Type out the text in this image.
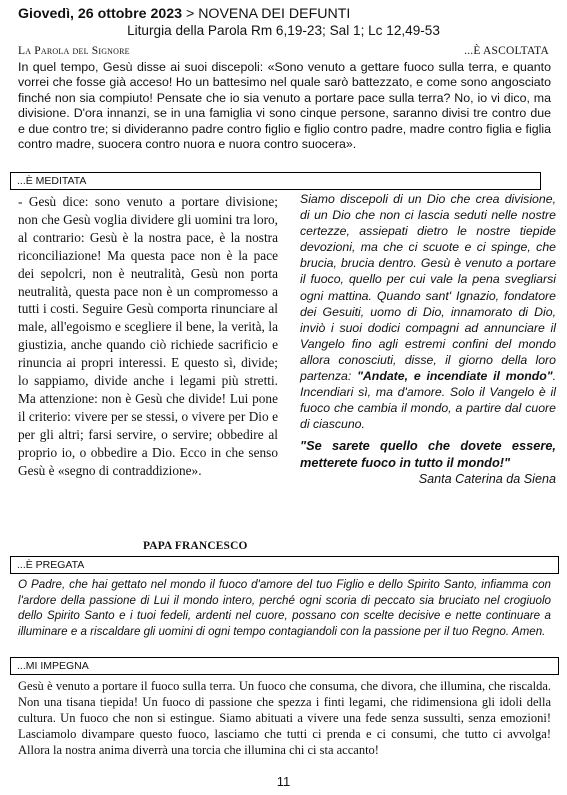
Giovedì, 26 ottobre 2023 > NOVENA DEI DEFUNTI
Liturgia della Parola Rm 6,19-23; Sal 1; Lc 12,49-53
La Parola del Signore	...È ASCOLTATA
In quel tempo, Gesù disse ai suoi discepoli: «Sono venuto a gettare fuoco sulla terra, e quanto vorrei che fosse già acceso! Ho un battesimo nel quale sarò battezzato, e come sono angosciato finché non sia compiuto! Pensate che io sia venuto a portare pace sulla terra? No, io vi dico, ma divisione. D'ora innanzi, se in una famiglia vi sono cinque persone, saranno divisi tre contro due e due contro tre; si divideranno padre contro figlio e figlio contro padre, madre contro figlia e figlia contro madre, suocera contro nuora e nuora contro suocera».
...È MEDITATA

- Gesù dice: sono venuto a portare divisione; non che Gesù voglia dividere gli uomini tra loro, al contrario: Gesù è la nostra pace, è la nostra riconciliazione! Ma questa pace non è la pace dei sepolcri, non è neutralità, Gesù non porta neutralità, questa pace non è un compromesso a tutti i costi. Seguire Gesù comporta rinunciare al male, all'egoismo e scegliere il bene, la verità, la giustizia, anche quando ciò richiede sacrificio e rinuncia ai propri interessi. E questo sì, divide; lo sappiamo, divide anche i legami più stretti. Ma attenzione: non è Gesù che divide! Lui pone il criterio: vivere per se stessi, o vivere per Dio e per gli altri; farsi servire, o servire; obbedire al proprio io, o obbedire a Dio. Ecco in che senso Gesù è «segno di contraddizione».

PAPA FRANCESCO

Siamo discepoli di un Dio che crea divisione, di un Dio che non ci lascia seduti nelle nostre certezze, assiepati dietro le nostre tiepide devozioni, ma che ci scuote e ci spinge, che brucia, brucia dentro. Gesù è venuto a portare il fuoco, quello per cui vale la pena svegliarsi ogni mattina. Quando sant' Ignazio, fondatore dei Gesuiti, uomo di Dio, innamorato di Dio, inviò i suoi dodici compagni ad annunciare il Vangelo fino agli estremi confini del mondo allora conosciuti, disse, il giorno della loro partenza: "Andate, e incendiate il mondo". Incendiari sì, ma d'amore. Solo il Vangelo è il fuoco che cambia il mondo, a partire dal cuore di ciascuno.

"Se sarete quello che dovete essere, metterete fuoco in tutto il mondo!"

Santa Caterina da Siena

...È PREGATA
O Padre, che hai gettato nel mondo il fuoco d'amore del tuo Figlio e dello Spirito Santo, infiamma con l'ardore della passione di Lui il mondo intero, perché ogni scoria di peccato sia bruciato nel crogiuolo dello Spirito Santo e i tuoi fedeli, ardenti nel cuore, possano con scelte decisive e nette continuare a illuminare e a riscaldare gli uomini di ogni tempo contagiandoli con la passione per il tuo Regno. Amen.
...MI IMPEGNA
Gesù è venuto a portare il fuoco sulla terra. Un fuoco che consuma, che divora, che illumina, che riscalda. Non una tisana tiepida! Un fuoco di passione che spezza i finti legami, che ridimensiona gli idoli della cultura. Un fuoco che non si estingue. Siamo abituati a vivere una fede senza sussulti, senza emozioni! Lasciamolo divampare questo fuoco, lasciamo che tutti ci prenda e ci consumi, che tutto ci avvolga! Allora la nostra anima diverrà una torcia che illumina chi ci sta accanto!
11
